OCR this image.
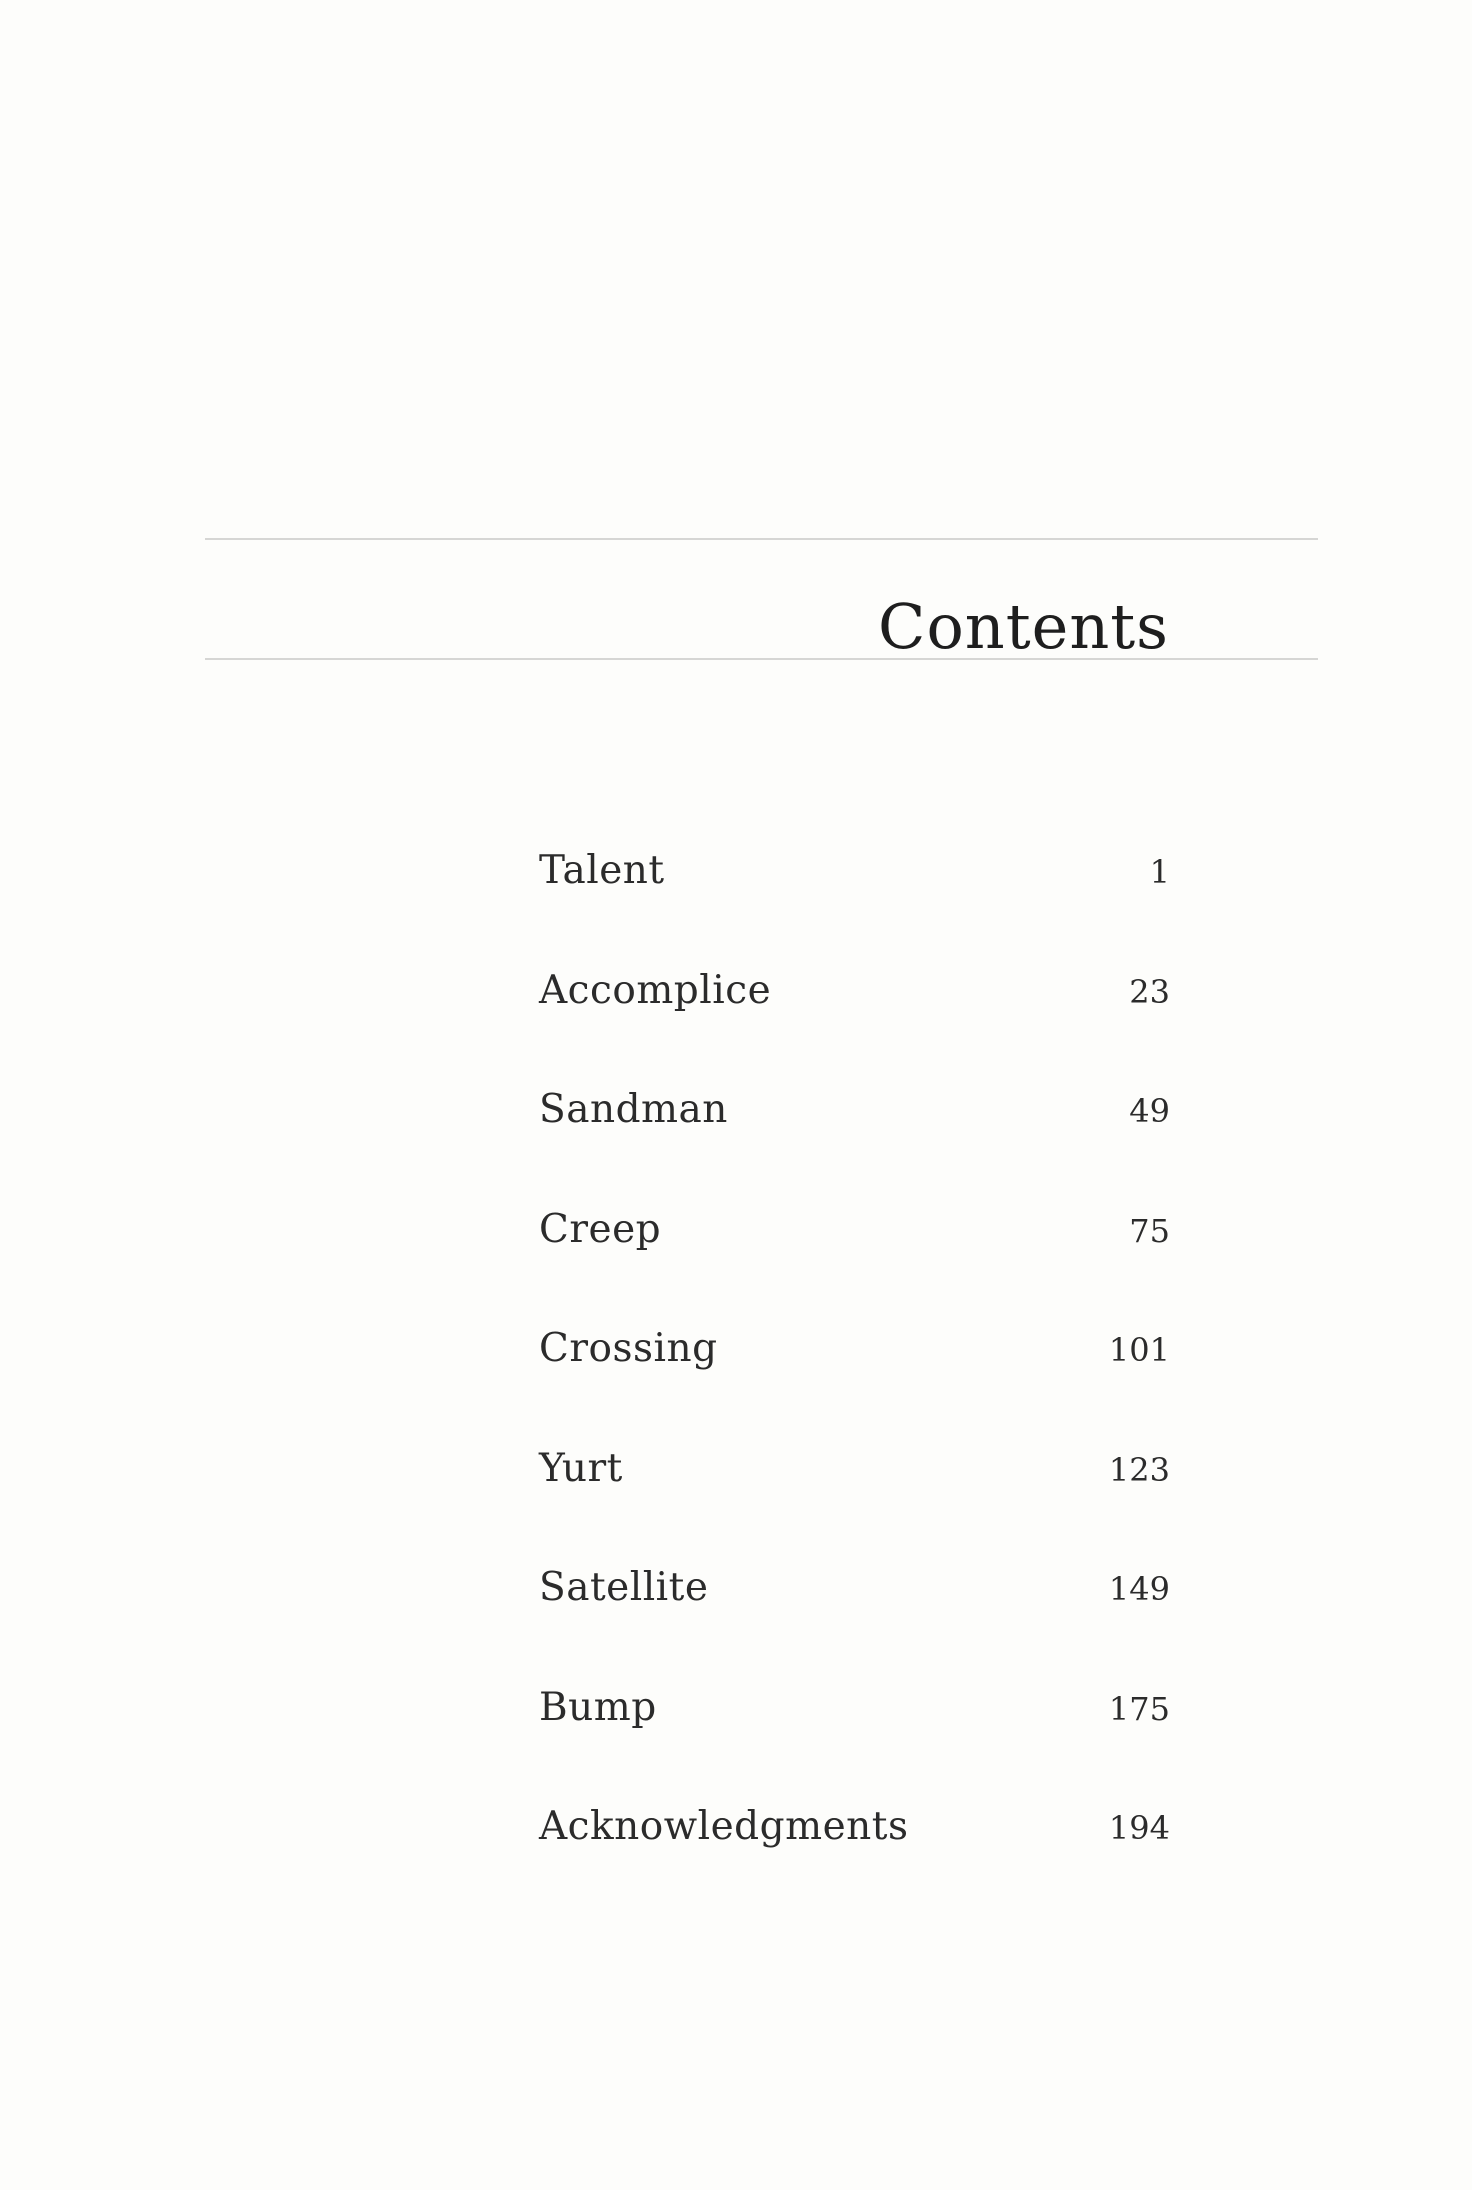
Contents
Talent	1
Accomplice	23
Sandman	49
Creep	75
Crossing	101
Yurt	123
Satellite	149
Bump	175
Acknowledgments	194
